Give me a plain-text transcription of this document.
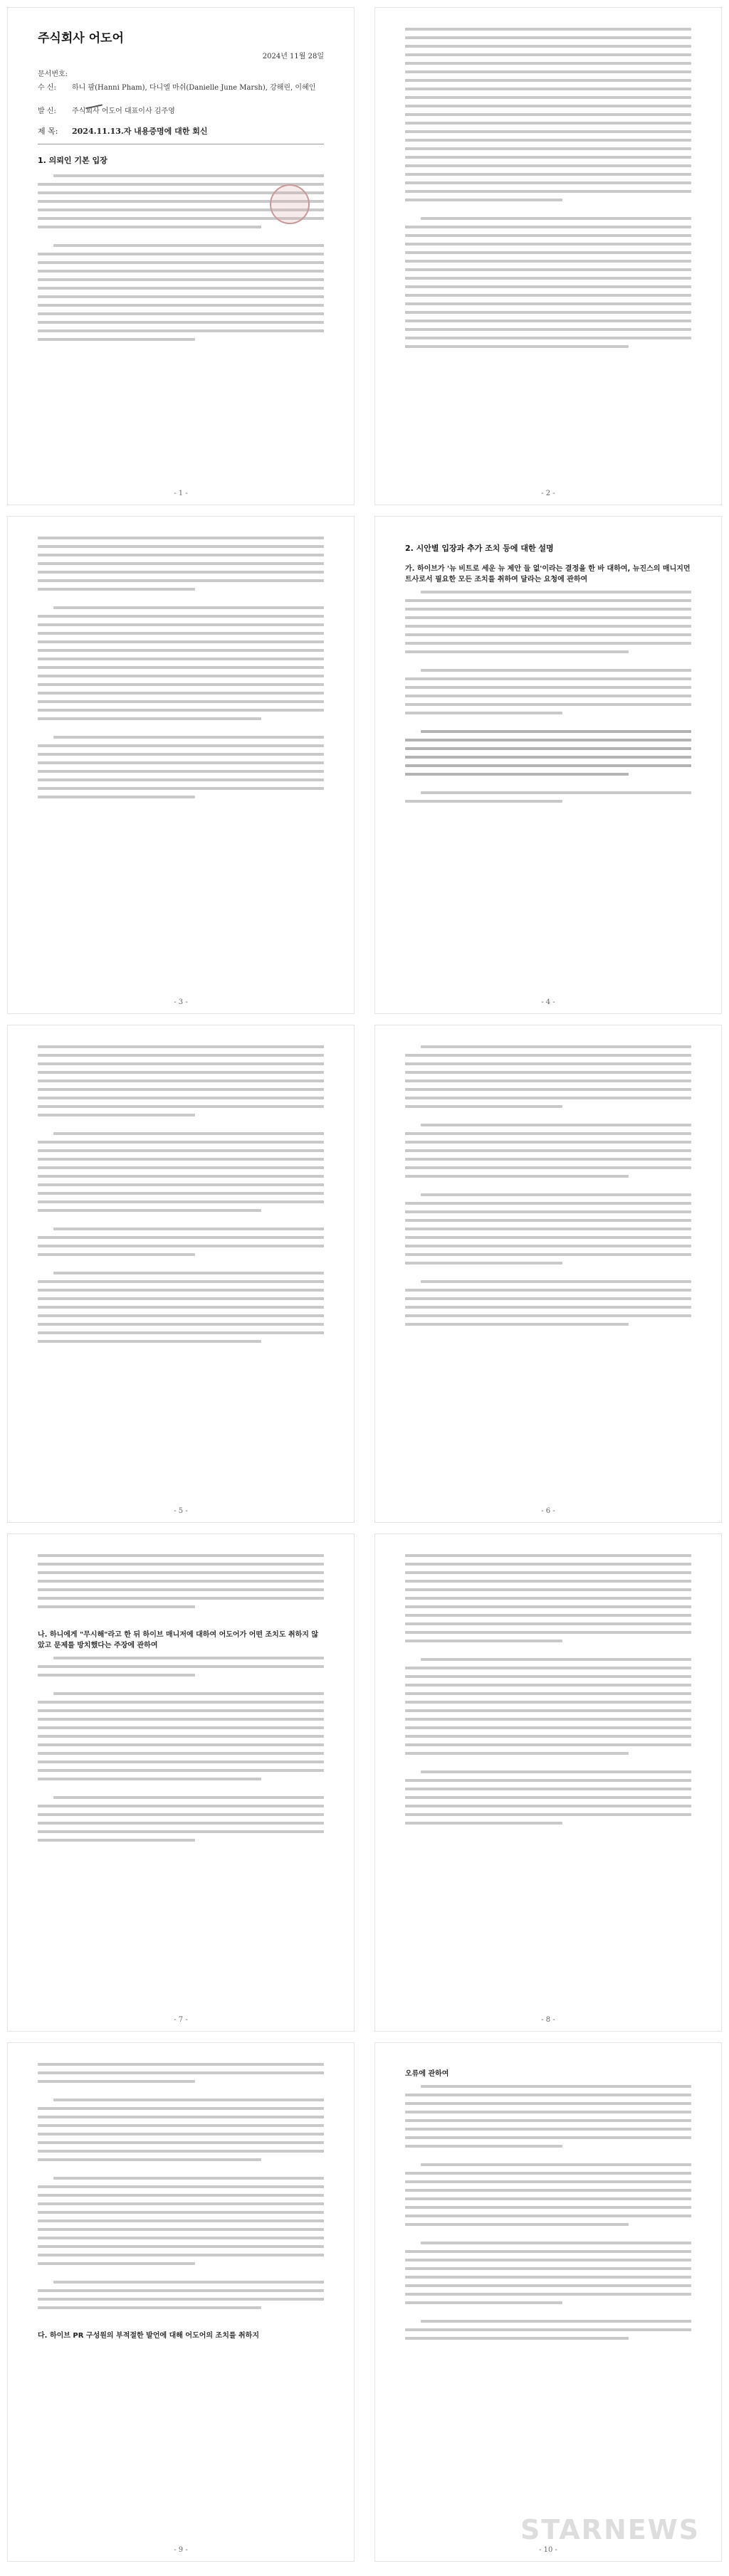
주식회사 어도어
2024년 11월 28일
문서번호:
수 신:	하니 팜(Hanni Pham), 다니엘 마쉬(Danielle June Marsh), 강해린, 이혜인
발 신:	주식회사 어도어 대표이사 김주영
제 목:	2024.11.13.자 내용증명에 대한 회신
1. 의뢰인 기본 입장
- 1 -	- 2 -
- 3 -
2. 시안별 입장과 추가 조치 등에 대한 설명
가. 하이브가 '뉴 비트로 세운 뉴 제안 들 없'이라는 결정을 한 바 대하여, 뉴진스의 매니지먼트사로서 필요한 모든 조치를 취하여 달라는 요청에 관하여
- 4 -
- 5 -	- 6 -
나. 하니에게 "무시해"라고 한 뒤 하이브 매니저에 대하여 어도어가 어떤 조치도 취하지 않았고 문제를 방치했다는 주장에 관하여
- 7 -	- 8 -
다. 하이브 PR 구성원의 부적절한 발언에 대해 어도어의 조치를 취하지
- 9 -
오류에 관하여
STARNEWS
- 10 -
